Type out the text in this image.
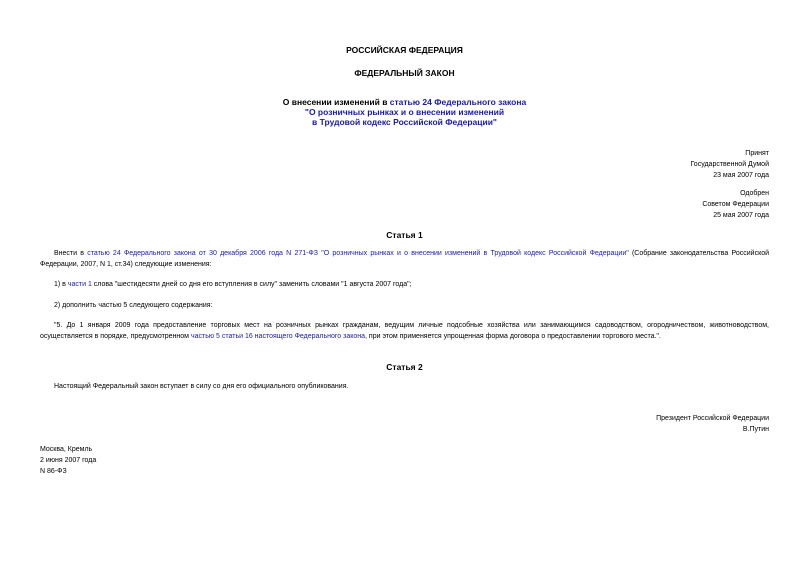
РОССИЙСКАЯ ФЕДЕРАЦИЯ
ФЕДЕРАЛЬНЫЙ ЗАКОН
О внесении изменений в статью 24 Федерального закона
"О розничных рынках и о внесении изменений
в Трудовой кодекс Российской Федерации"
Принят
Государственной Думой
23 мая 2007 года
Одобрен
Советом Федерации
25 мая 2007 года
Статья 1
Внести в статью 24 Федерального закона от 30 декабря 2006 года N 271-ФЗ "О розничных рынках и о внесении изменений в Трудовой кодекс Российской Федерации" (Собрание законодательства Российской Федерации, 2007, N 1, ст.34) следующие изменения:
1) в части 1 слова "шестидесяти дней со дня его вступления в силу" заменить словами "1 августа 2007 года";
2) дополнить частью 5 следующего содержания:
"5. До 1 января 2009 года предоставление торговых мест на розничных рынках гражданам, ведущим личные подсобные хозяйства или занимающимся садоводством, огородничеством, животноводством, осуществляется в порядке, предусмотренном частью 5 статьи 16 настоящего Федерального закона, при этом применяется упрощенная форма договора о предоставлении торгового места.".
Статья 2
Настоящий Федеральный закон вступает в силу со дня его официального опубликования.
Президент Российской Федерации
В.Путин
Москва, Кремль
2 июня 2007 года
N 86-ФЗ
